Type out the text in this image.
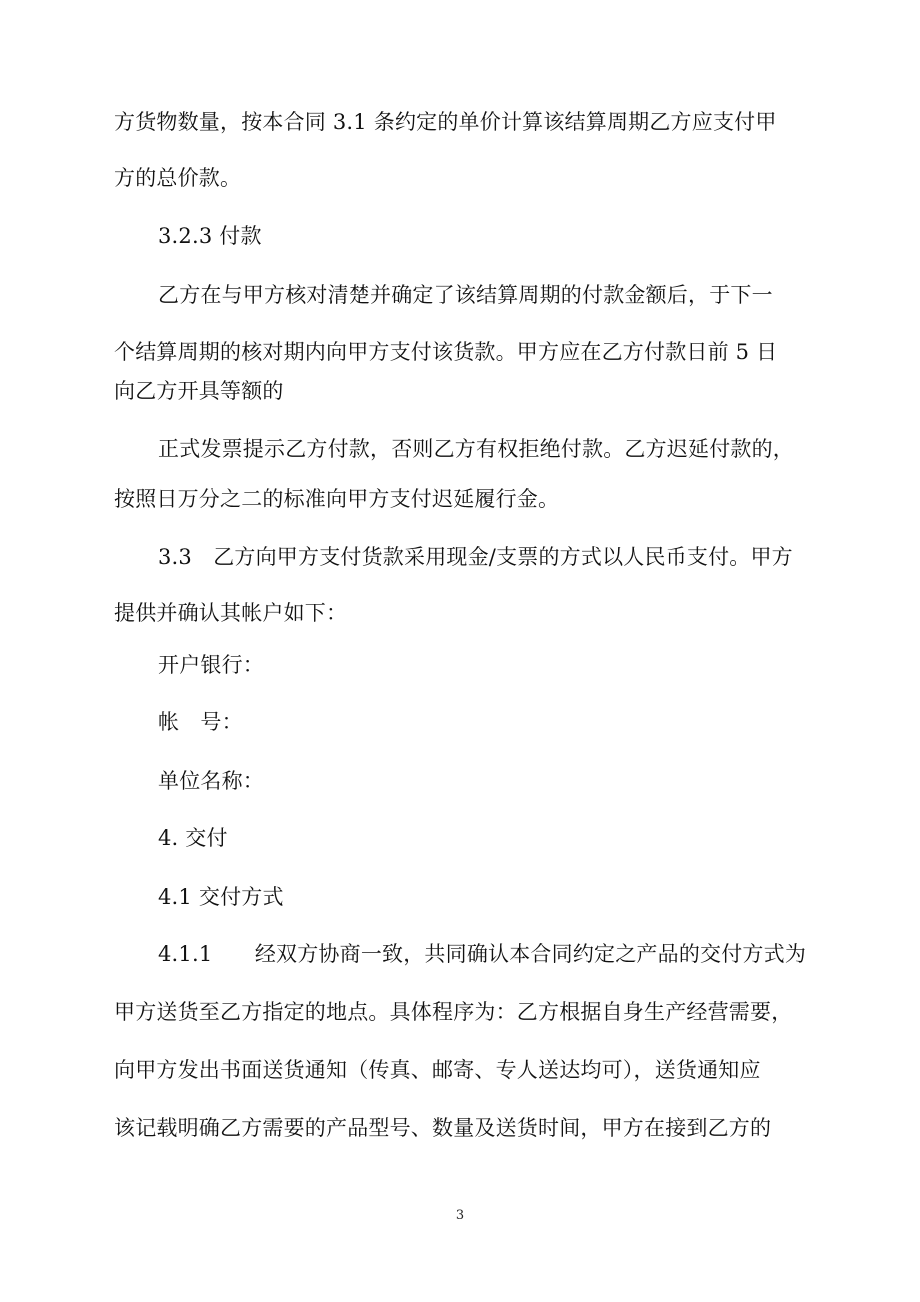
方货物数量，按本合同 3.1 条约定的单价计算该结算周期乙方应支付甲
方的总价款。
3.2.3 付款
乙方在与甲方核对清楚并确定了该结算周期的付款金额后，于下一
个结算周期的核对期内向甲方支付该货款。甲方应在乙方付款日前 5 日
向乙方开具等额的
正式发票提示乙方付款，否则乙方有权拒绝付款。乙方迟延付款的，
按照日万分之二的标准向甲方支付迟延履行金。
3.3　乙方向甲方支付货款采用现金/支票的方式以人民币支付。甲方
提供并确认其帐户如下：
开户银行：
帐　号：
单位名称：
4. 交付
4.1 交付方式
4.1.1　　经双方协商一致，共同确认本合同约定之产品的交付方式为
甲方送货至乙方指定的地点。具体程序为：乙方根据自身生产经营需要，
向甲方发出书面送货通知（传真、邮寄、专人送达均可），送货通知应
该记载明确乙方需要的产品型号、数量及送货时间，甲方在接到乙方的
3
